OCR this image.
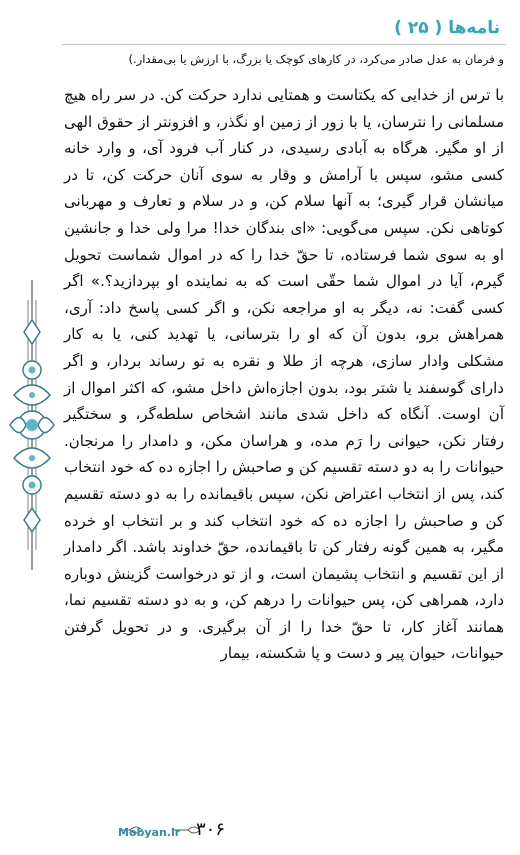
نامه‌ها ( ۲۵ )
و فرمان به عدل صادر می‌کرد، در کارهای کوچک یا بزرگ، با ارزش یا بی‌مقدار.)

با ترس از خدایی که یکتاست و همتایی ندارد حرکت کن. در سر راه هیچ مسلمانی را نترسان، یا با زور از زمین او نگذر، و افزونتر از حقوق الهی از او مگیر. هرگاه به آبادی رسیدی، در کنار آب فرود آی، و وارد خانه کسی مشو، سپس با آرامش و وقار به سوی آنان حرکت کن، تا در میانشان قرار گیری؛ به آنها سلام کن، و در سلام و تعارف و مهربانی کوتاهی نکن. سپس می‌گویی: «ای بندگان خدا! مرا ولی خدا و جانشین او به سوی شما فرستاده، تا حقّ خدا را که در اموال شماست تحویل گیرم، آیا در اموال شما حقّی است که به نماینده او بپردازید؟.» اگر کسی گفت: نه، دیگر به او مراجعه نکن، و اگر کسی پاسخ داد: آری، همراهش برو، بدون آن که او را بترسانی، یا تهدید کنی، یا به کار مشکلی وادار سازی، هرچه از طلا و نقره به تو رساند بردار، و اگر دارای گوسفند یا شتر بود، بدون اجازه‌اش داخل مشو، که اکثر اموال از آن اوست. آنگاه که داخل شدی مانند اشخاص سلطه‌گر، و سختگیر رفتار نکن، حیوانی را رَم مده، و هراسان مکن، و دامدار را مرنجان. حیوانات را به دو دسته تقسیم کن و صاحبش را اجازه ده که خود انتخاب کند، پس از انتخاب اعتراض نکن، سپس باقیمانده را به دو دسته تقسیم کن و صاحبش را اجازه ده که خود انتخاب کند و بر انتخاب او خرده مگیر، به همین گونه رفتار کن تا باقیمانده، حقّ خداوند باشد. اگر دامدار از این تقسیم و انتخاب پشیمان است، و از تو درخواست گزینش دوباره دارد، همراهی کن، پس حیوانات را درهم کن، و به دو دسته تقسیم نما، همانند آغاز کار، تا حقّ خدا را از آن برگیری. و در تحویل گرفتن حیوانات، حیوان پیر و دست و پا شکسته، بیمار

Mobyan.ir ۳۰۶
